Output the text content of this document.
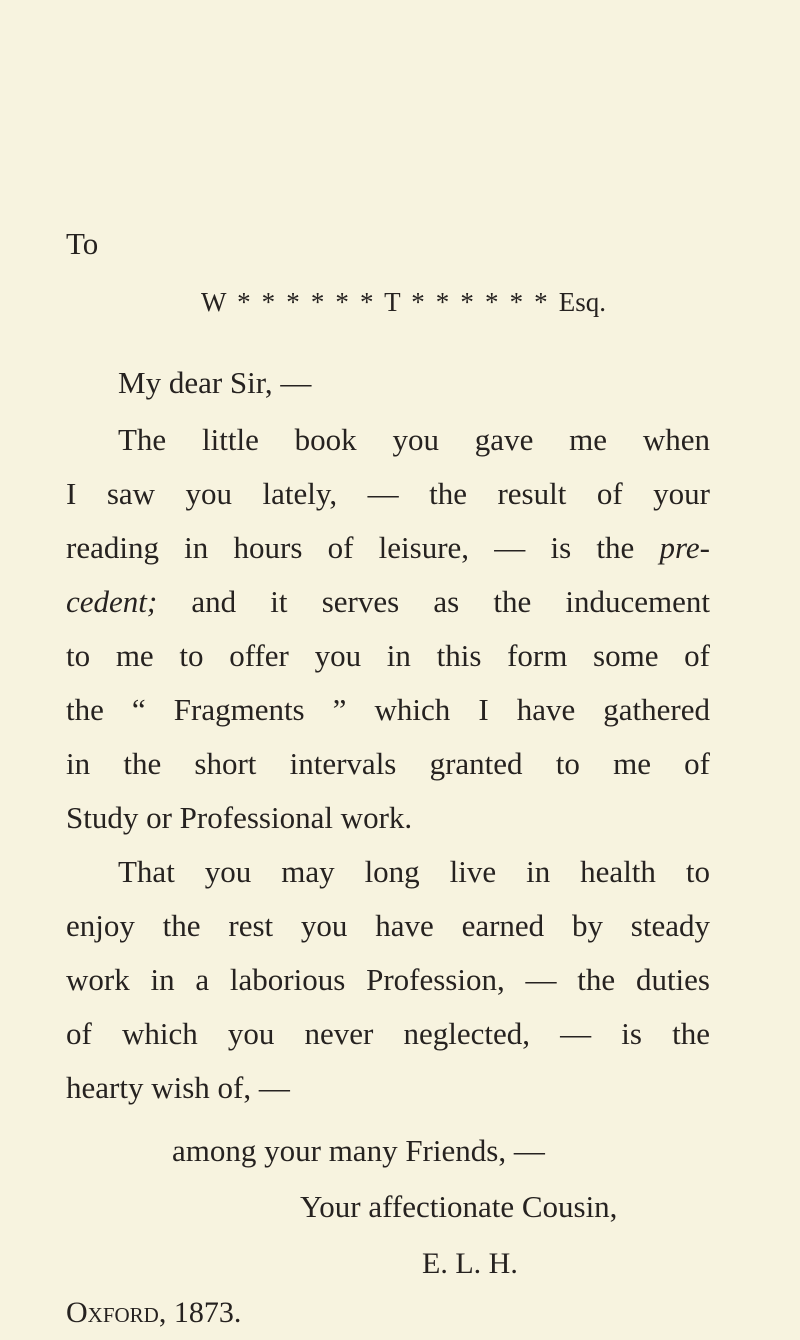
To
W * * * * * * T * * * * * * Esq.
My dear Sir, —
The little book you gave me when
I saw you lately, — the result of your
reading in hours of leisure, — is the pre-
cedent; and it serves as the inducement
to me to offer you in this form some of
the “ Fragments ” which I have gathered
in the short intervals granted to me of
Study or Professional work.
That you may long live in health to
enjoy the rest you have earned by steady
work in a laborious Profession, — the duties
of which you never neglected, — is the
hearty wish of, —
among your many Friends, —
Your affectionate Cousin,
E. L. H.
Oxford, 1873.
